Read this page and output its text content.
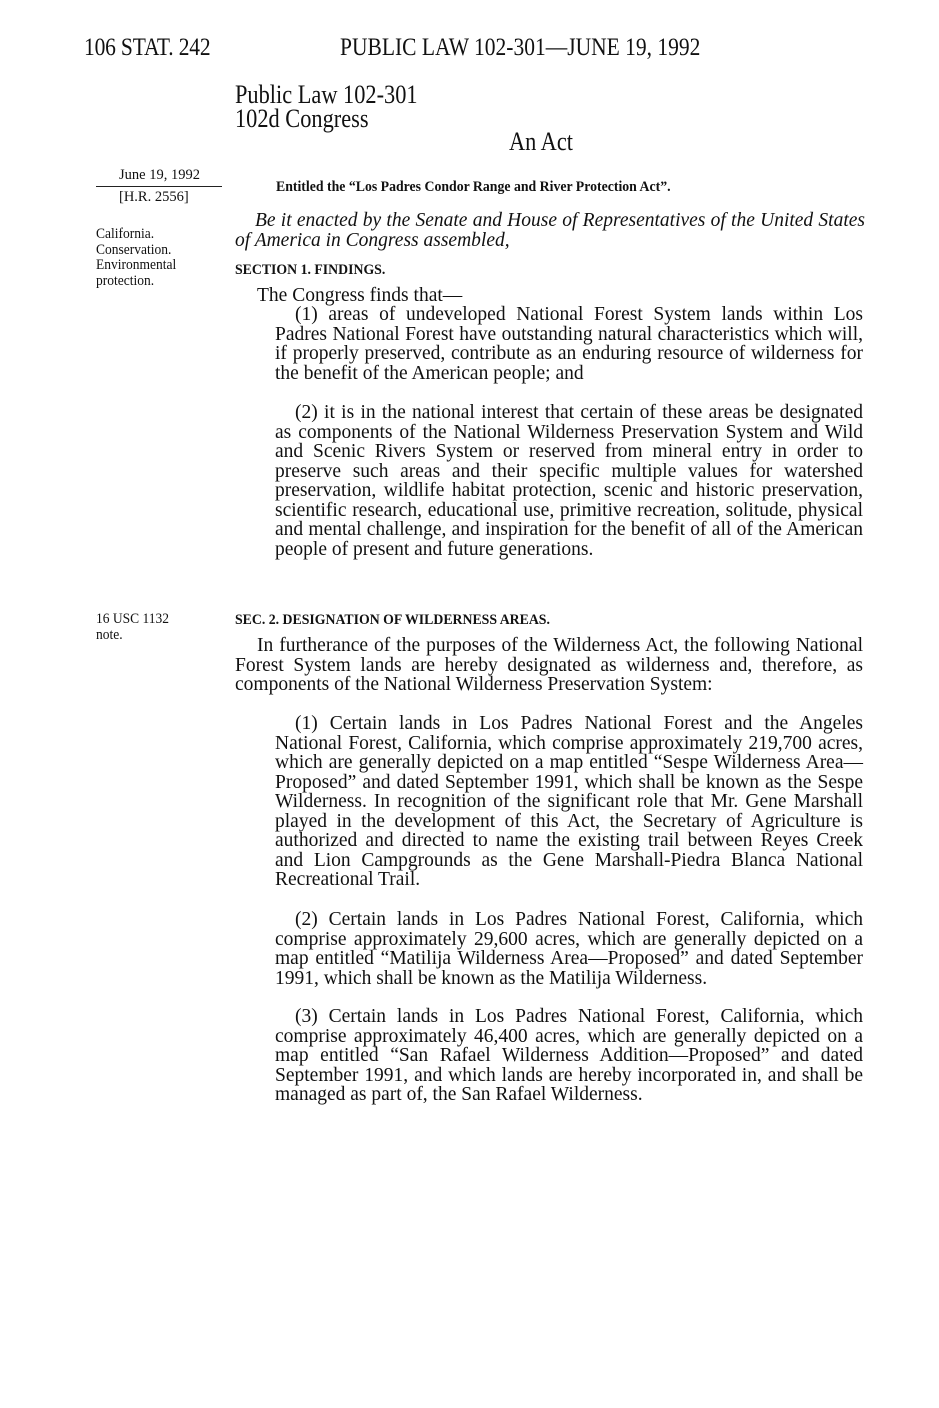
106 STAT. 242	PUBLIC LAW 102-301—JUNE 19, 1992
Public Law 102-301
102d Congress
An Act
June 19, 1992
[H.R. 2556]
California.
Conservation.
Environmental
protection.
16 USC 1132
note.
Entitled the “Los Padres Condor Range and River Protection Act”.
Be it enacted by the Senate and House of Representatives of the United States of America in Congress assembled,
SECTION 1. FINDINGS.
The Congress finds that—
(1) areas of undeveloped National Forest System lands within Los Padres National Forest have outstanding natural characteristics which will, if properly preserved, contribute as an enduring resource of wilderness for the benefit of the American people; and
(2) it is in the national interest that certain of these areas be designated as components of the National Wilderness Preservation System and Wild and Scenic Rivers System or reserved from mineral entry in order to preserve such areas and their specific multiple values for watershed preservation, wildlife habitat protection, scenic and historic preservation, scientific research, educational use, primitive recreation, solitude, physical and mental challenge, and inspiration for the benefit of all of the American people of present and future generations.
SEC. 2. DESIGNATION OF WILDERNESS AREAS.
In furtherance of the purposes of the Wilderness Act, the following National Forest System lands are hereby designated as wilderness and, therefore, as components of the National Wilderness Preservation System:
(1) Certain lands in Los Padres National Forest and the Angeles National Forest, California, which comprise approximately 219,700 acres, which are generally depicted on a map entitled “Sespe Wilderness Area—Proposed” and dated September 1991, which shall be known as the Sespe Wilderness. In recognition of the significant role that Mr. Gene Marshall played in the development of this Act, the Secretary of Agriculture is authorized and directed to name the existing trail between Reyes Creek and Lion Campgrounds as the Gene Marshall-Piedra Blanca National Recreational Trail.
(2) Certain lands in Los Padres National Forest, California, which comprise approximately 29,600 acres, which are generally depicted on a map entitled “Matilija Wilderness Area—Proposed” and dated September 1991, which shall be known as the Matilija Wilderness.
(3) Certain lands in Los Padres National Forest, California, which comprise approximately 46,400 acres, which are generally depicted on a map entitled “San Rafael Wilderness Addition—Proposed” and dated September 1991, and which lands are hereby incorporated in, and shall be managed as part of, the San Rafael Wilderness.
